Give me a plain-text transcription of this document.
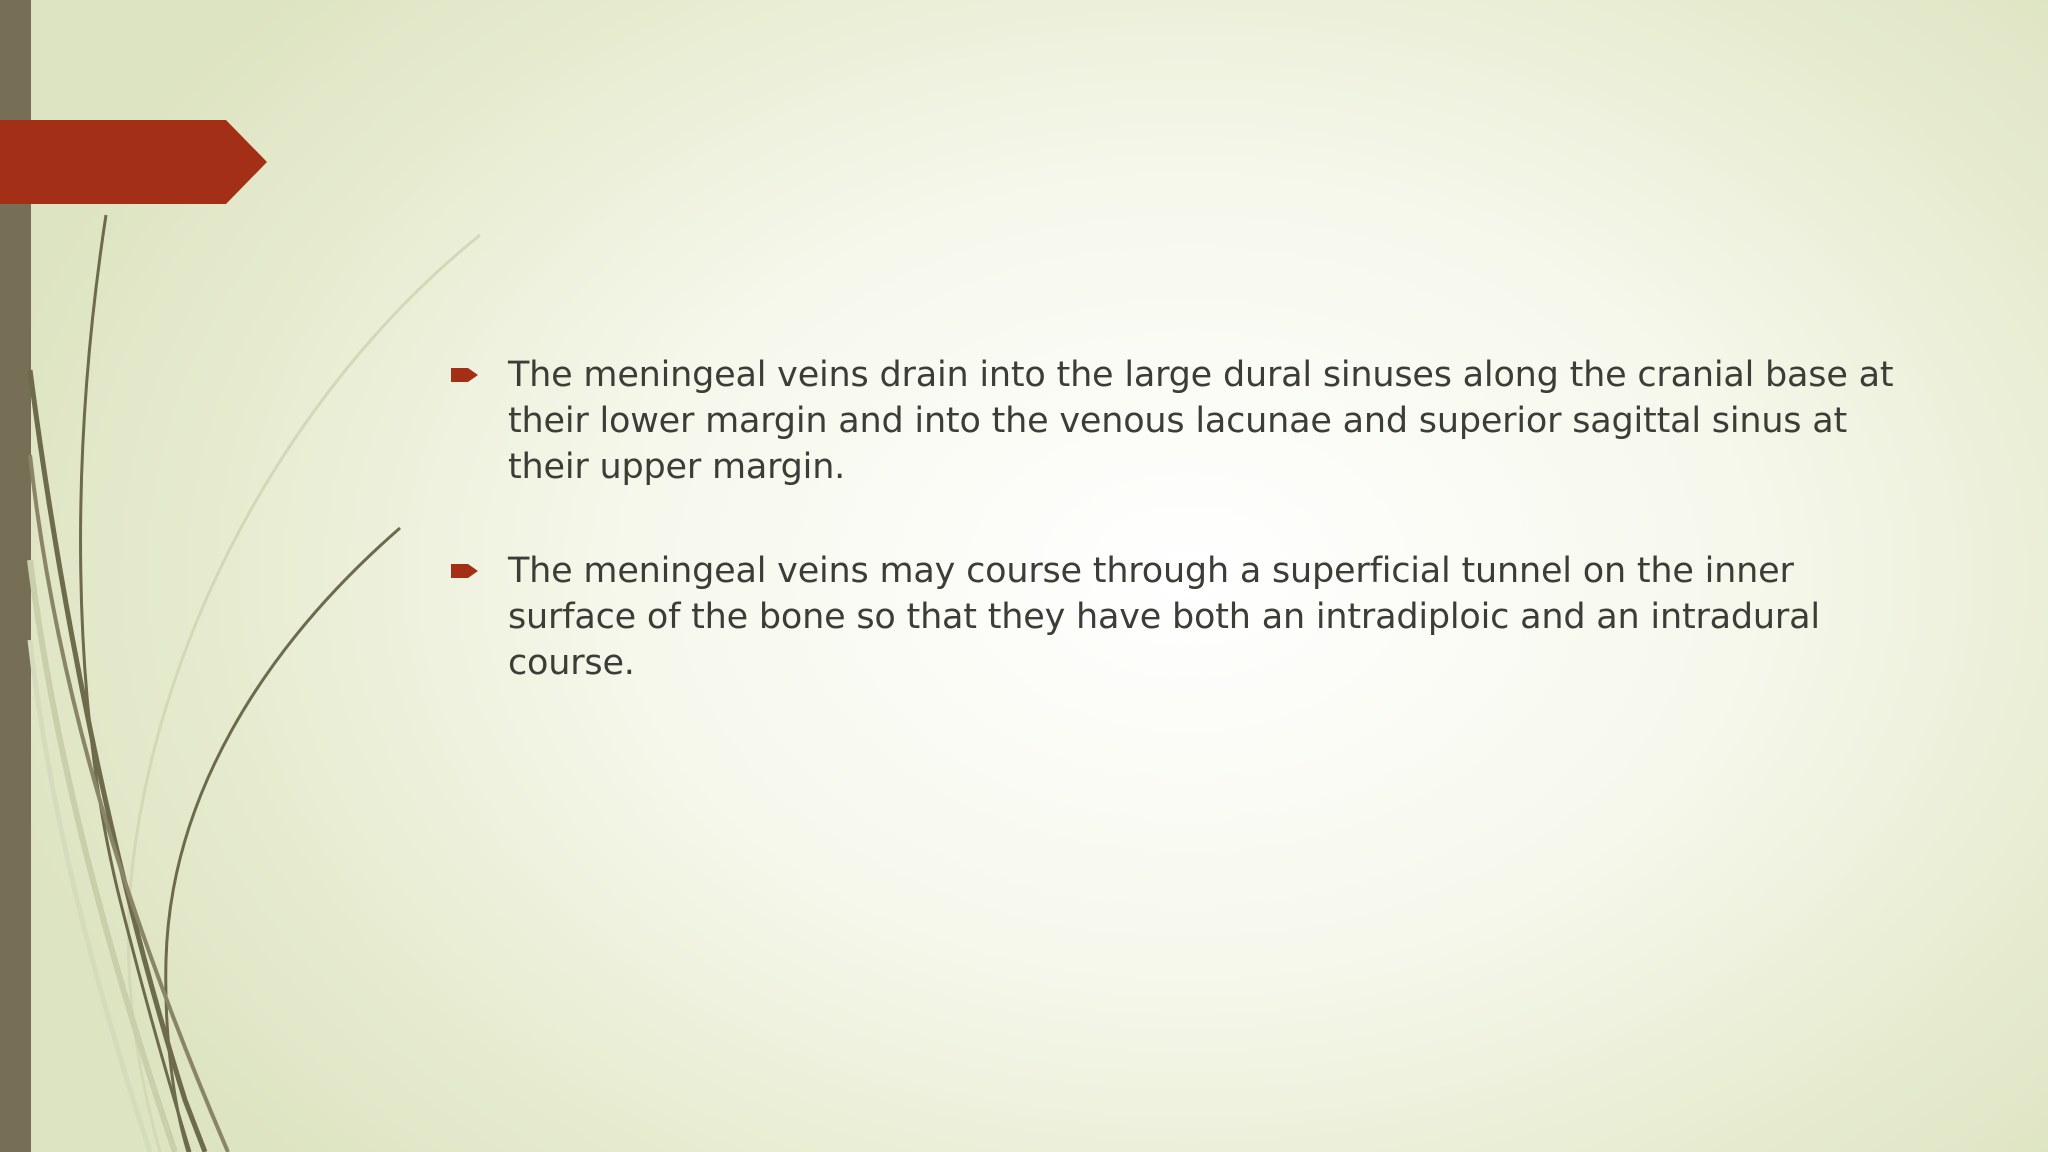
The meningeal veins drain into the large dural sinuses along the cranial base at their lower margin and into the venous lacunae and superior sagittal sinus at their upper margin.
The meningeal veins may course through a superficial tunnel on the inner surface of the bone so that they have both an intradiploic and an intradural course.
